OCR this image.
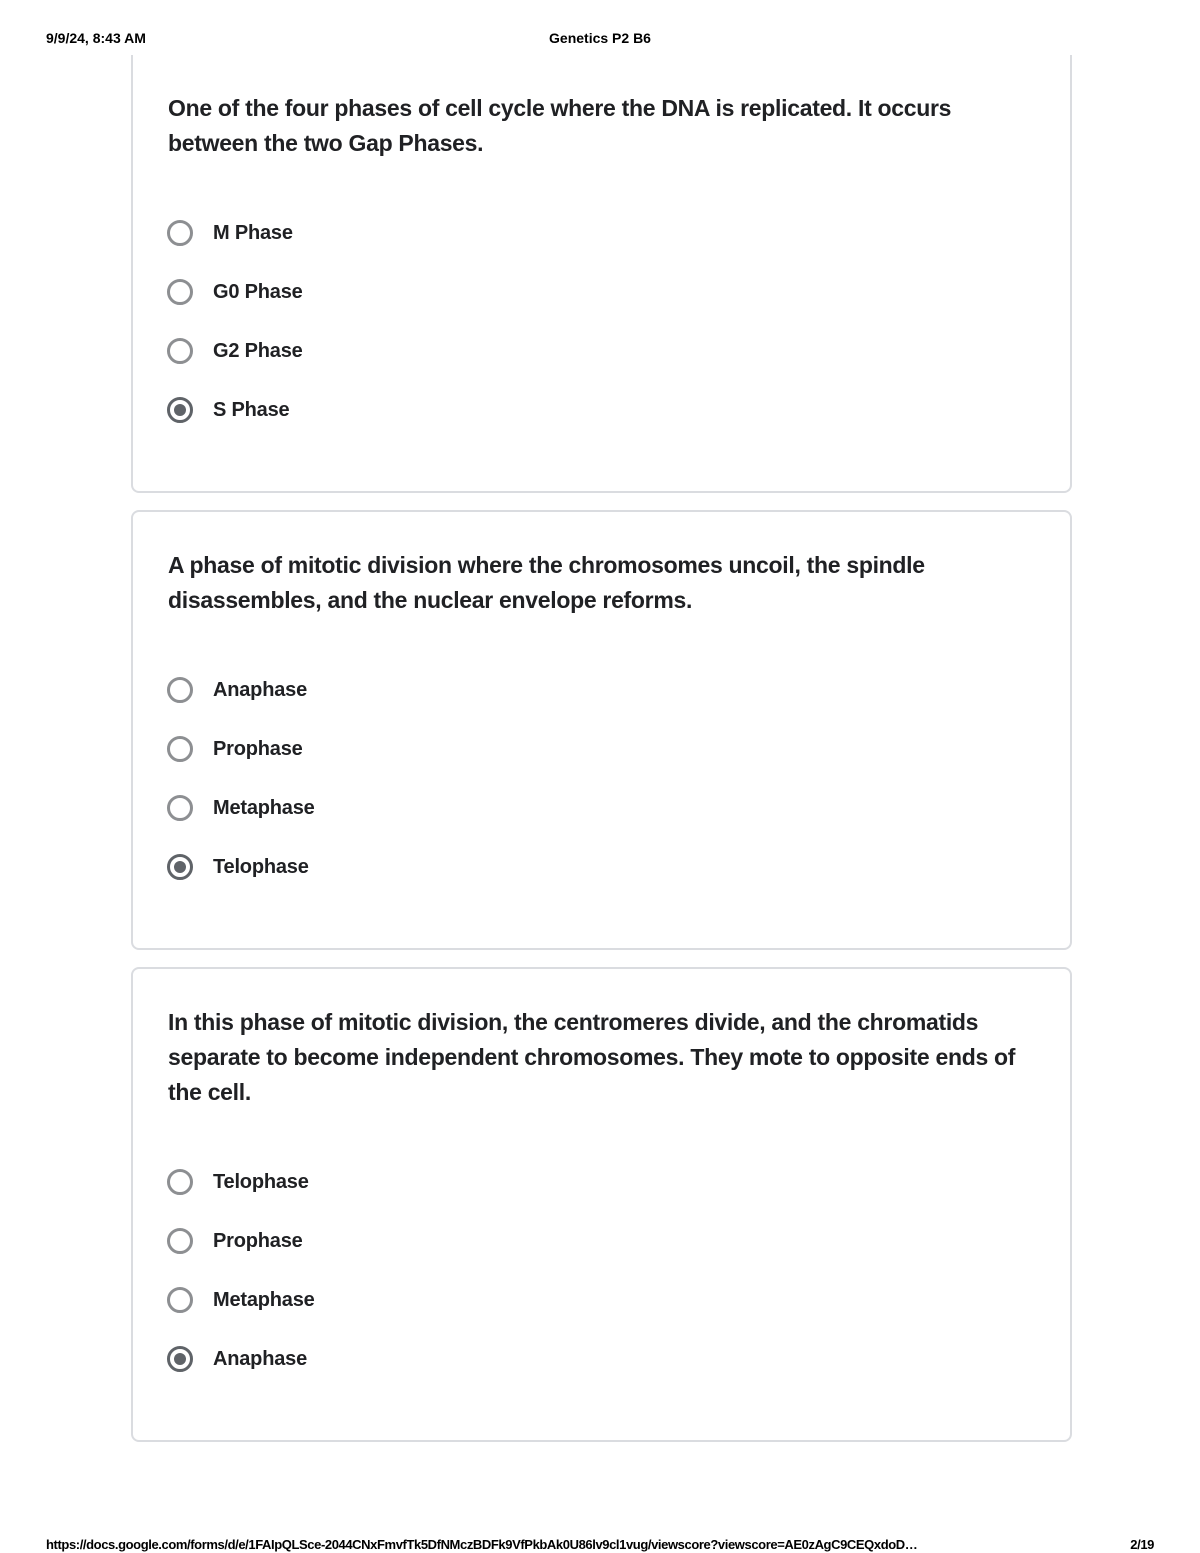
9/9/24, 8:43 AM	Genetics P2 B6
One of the four phases of cell cycle where the DNA is replicated. It occurs between the two Gap Phases.
M Phase
G0 Phase
G2 Phase
S Phase
A phase of mitotic division where the chromosomes uncoil, the spindle disassembles, and the nuclear envelope reforms.
Anaphase
Prophase
Metaphase
Telophase
In this phase of mitotic division, the centromeres divide, and the chromatids separate to become independent chromosomes. They mote to opposite ends of the cell.
Telophase
Prophase
Metaphase
Anaphase
https://docs.google.com/forms/d/e/1FAIpQLSce-2044CNxFmvfTk5DfNMczBDFk9VfPkbAk0U86lv9cl1vug/viewscore?viewscore=AE0zAgC9CEQxdoD…	2/19
